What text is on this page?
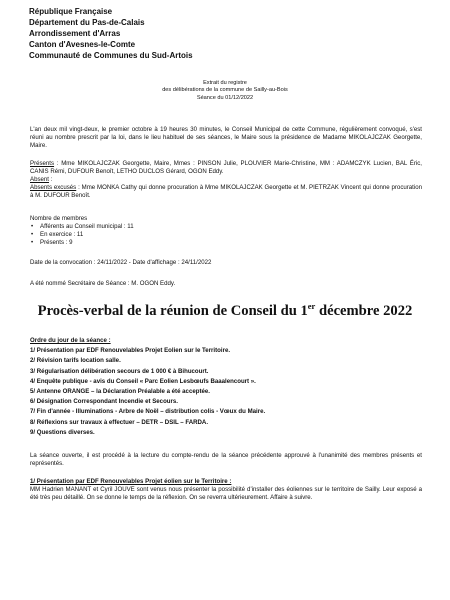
République Française
Département du Pas-de-Calais
Arrondissement d'Arras
Canton d'Avesnes-le-Comte
Communauté de Communes du Sud-Artois
Extrait du registre
des délibérations de la commune de Sailly-au-Bois
Séance du 01/12/2022
L'an deux mil vingt-deux, le premier octobre à 19 heures 30 minutes, le Conseil Municipal de cette Commune, régulièrement convoqué, s'est réuni au nombre prescrit par la loi, dans le lieu habituel de ses séances, le Maire sous la présidence de Madame MIKOLAJCZAK Georgette, Maire.
Présents : Mme MIKOLAJCZAK Georgette, Maire, Mmes : PINSON Julie, PLOUVIER Marie-Christine, MM : ADAMCZYK Lucien, BAL Éric, CANIS Rémi, DUFOUR Benoît, LETHO DUCLOS Gérard, OGON Eddy.
Absent :
Absents excusés : Mme MONKA Cathy qui donne procuration à Mme MIKOLAJCZAK Georgette et M. PIETRZAK Vincent qui donne procuration à M. DUFOUR Benoît.
Nombre de membres
• Afférents au Conseil municipal : 11
• En exercice : 11
• Présents : 9
Date de la convocation : 24/11/2022 - Date d'affichage : 24/11/2022
A été nommé Secrétaire de Séance : M. OGON Eddy.
Procès-verbal de la réunion de Conseil du 1er décembre 2022
Ordre du jour de la séance :
1/ Présentation par EDF Renouvelables Projet Eolien sur le Territoire.
2/ Révision tarifs location salle.
3/ Régularisation délibération secours de 1 000 € à Bihucourt.
4/ Enquête publique - avis du Conseil « Parc Eolien Lesbœufs Baaalencourt ».
5/ Antenne ORANGE – la Déclaration Préalable a été acceptée.
6/ Désignation Correspondant Incendie et Secours.
7/ Fin d'année - Illuminations - Arbre de Noël – distribution colis - Vœux du Maire.
8/ Réflexions sur travaux à effectuer – DETR – DSIL – FARDA.
9/ Questions diverses.
La séance ouverte, il est procédé à la lecture du compte-rendu de la séance précédente approuvé à l'unanimité des membres présents et représentés.
1/ Présentation par EDF Renouvelables Projet éolien sur le Territoire :
MM Hadrien MANANT et Cyril JOUVE sont venus nous présenter la possibilité d'installer des éoliennes sur le territoire de Sailly. Leur exposé a été très peu détaillé. On se donne le temps de la réflexion. On se reverra ultérieurement. Affaire à suivre.
